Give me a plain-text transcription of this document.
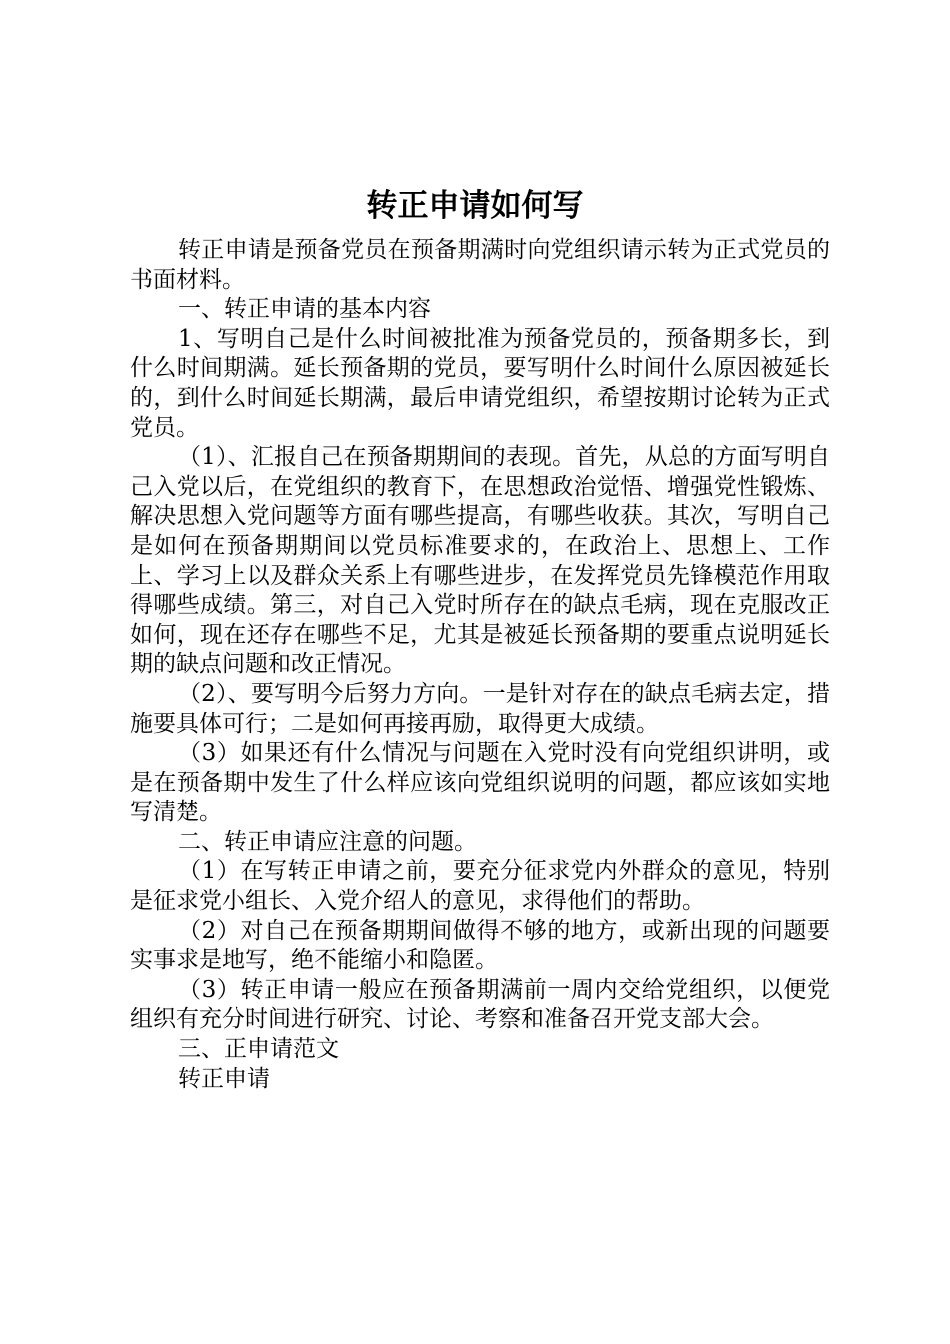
转正申请如何写

转正申请是预备党员在预备期满时向党组织请示转为正式党员的书面材料。

一、转正申请的基本内容

1、写明自己是什么时间被批准为预备党员的，预备期多长，到什么时间期满。延长预备期的党员，要写明什么时间什么原因被延长的，到什么时间延长期满，最后申请党组织，希望按期讨论转为正式党员。

（1）、汇报自己在预备期期间的表现。首先，从总的方面写明自己入党以后，在党组织的教育下，在思想政治觉悟、增强党性锻炼、解决思想入党问题等方面有哪些提高，有哪些收获。其次，写明自己是如何在预备期期间以党员标准要求的，在政治上、思想上、工作上、学习上以及群众关系上有哪些进步，在发挥党员先锋模范作用取得哪些成绩。第三，对自己入党时所存在的缺点毛病，现在克服改正如何，现在还存在哪些不足，尤其是被延长预备期的要重点说明延长期的缺点问题和改正情况。

（2）、要写明今后努力方向。一是针对存在的缺点毛病去定，措施要具体可行；二是如何再接再励，取得更大成绩。

（3）如果还有什么情况与问题在入党时没有向党组织讲明，或是在预备期中发生了什么样应该向党组织说明的问题，都应该如实地写清楚。

二、转正申请应注意的问题。

（1）在写转正申请之前，要充分征求党内外群众的意见，特别是征求党小组长、入党介绍人的意见，求得他们的帮助。

（2）对自己在预备期期间做得不够的地方，或新出现的问题要实事求是地写，绝不能缩小和隐匿。

（3）转正申请一般应在预备期满前一周内交给党组织，以便党组织有充分时间进行研究、讨论、考察和准备召开党支部大会。

三、正申请范文

转正申请
